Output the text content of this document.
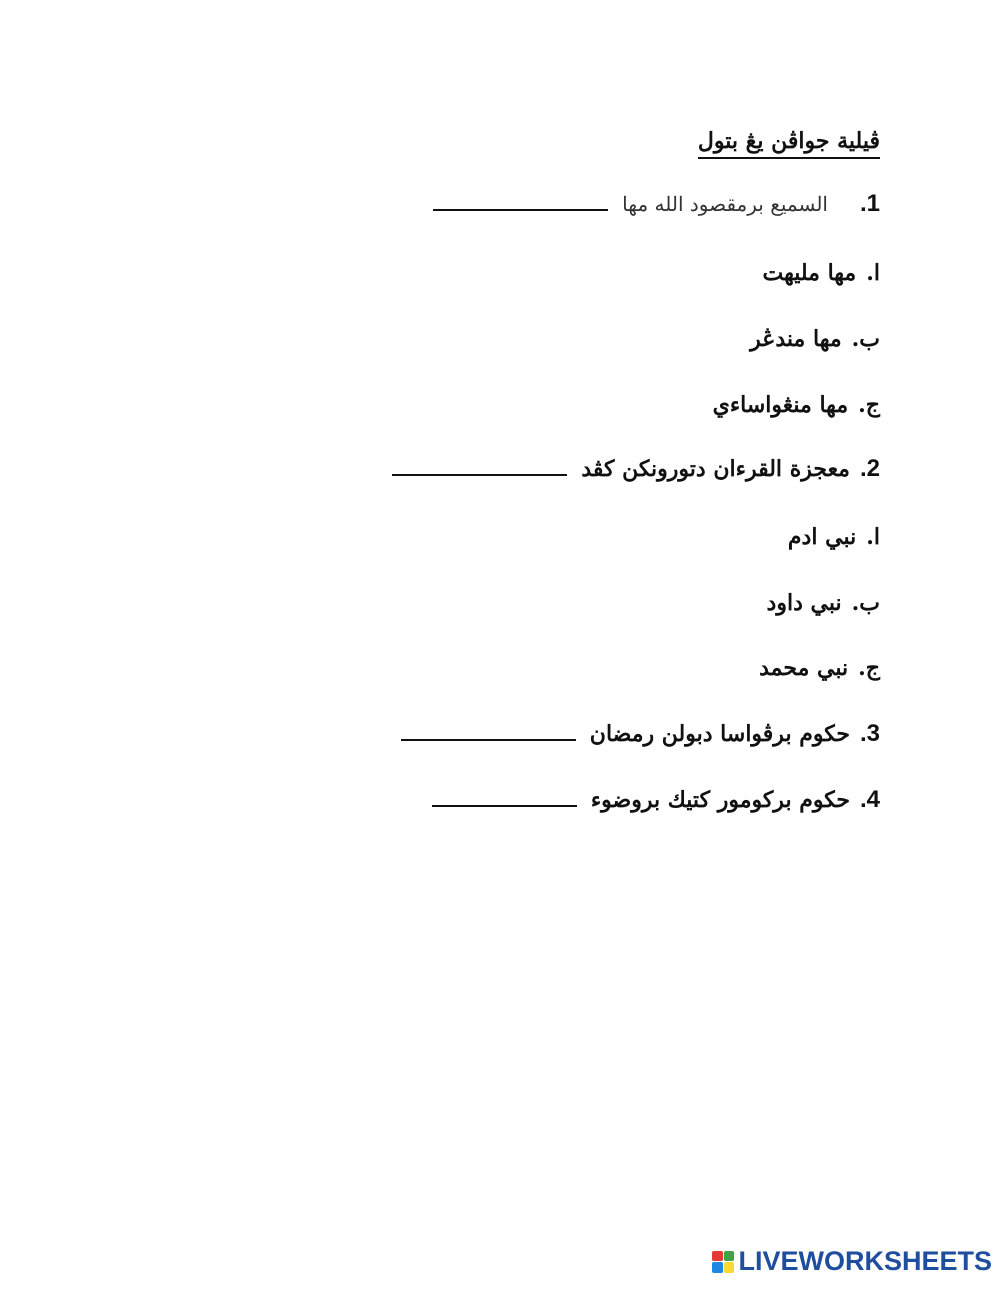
ڤيلية جواڤن يڠ بتول
1.
السميع برمقصود الله مها
ا.
مها مليهت
ب.
مها مندڠر
ج.
مها منڠواساءي
2.
معجزة القرءان دتورونكن كڤد
ا.
نبي ادم
ب.
نبي داود
ج.
نبي محمد
3.
حكوم برڤواسا دبولن رمضان
4.
حكوم بركومور كتيك بروضوء
LIVEWORKSHEETS
